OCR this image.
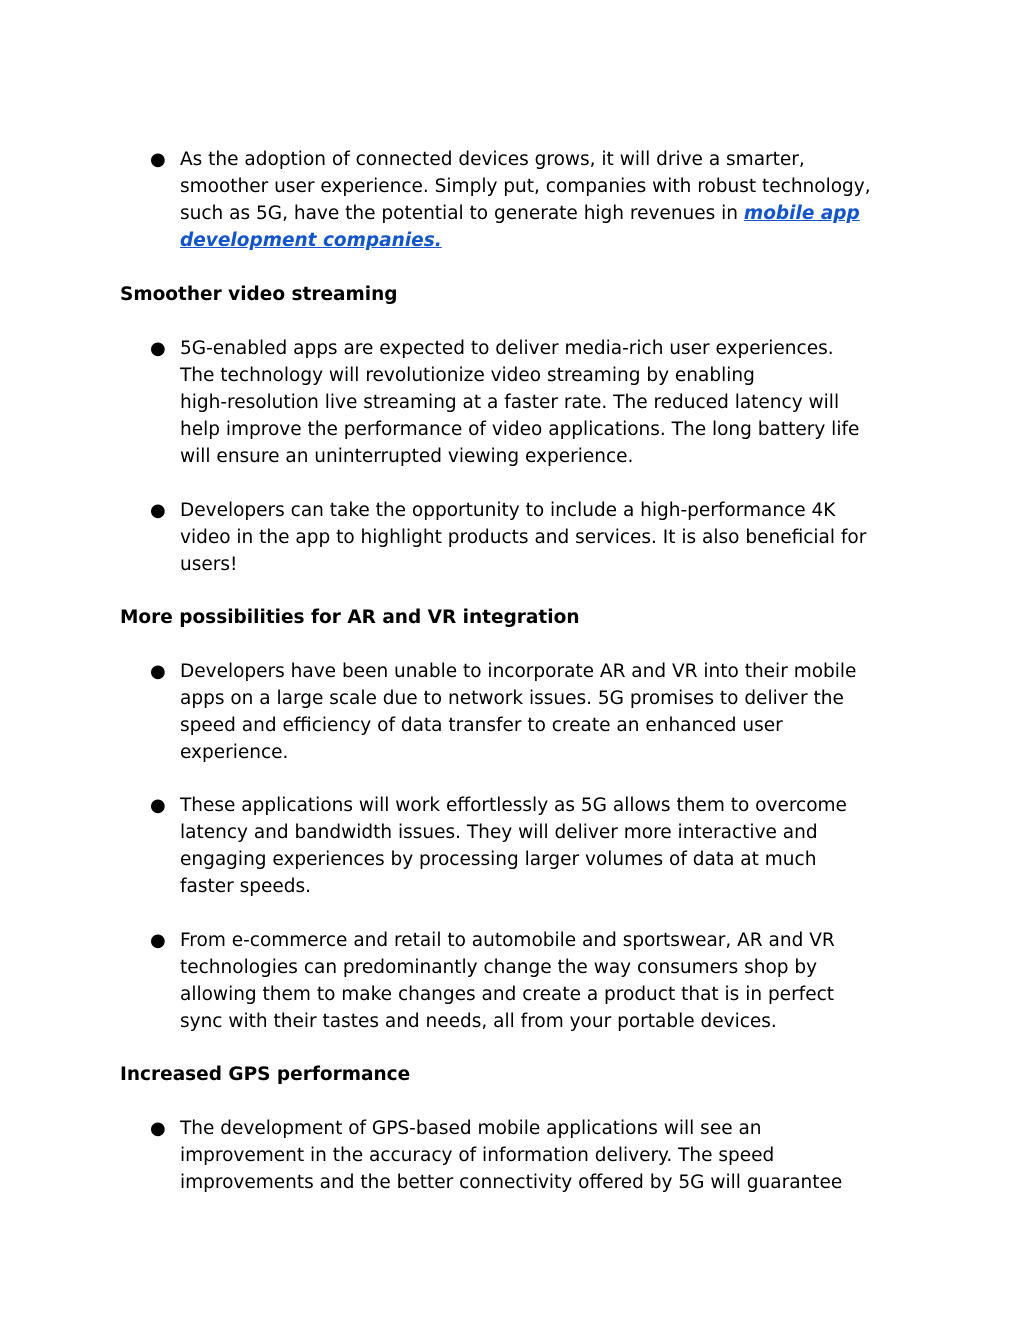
● As the adoption of connected devices grows, it will drive a smarter,
smoother user experience. Simply put, companies with robust technology,
such as 5G, have the potential to generate high revenues in mobile app
development companies.
Smoother video streaming
● 5G-enabled apps are expected to deliver media-rich user experiences.
The technology will revolutionize video streaming by enabling
high-resolution live streaming at a faster rate. The reduced latency will
help improve the performance of video applications. The long battery life
will ensure an uninterrupted viewing experience.
● Developers can take the opportunity to include a high-performance 4K
video in the app to highlight products and services. It is also beneficial for
users!
More possibilities for AR and VR integration
● Developers have been unable to incorporate AR and VR into their mobile
apps on a large scale due to network issues. 5G promises to deliver the
speed and efficiency of data transfer to create an enhanced user
experience.
● These applications will work effortlessly as 5G allows them to overcome
latency and bandwidth issues. They will deliver more interactive and
engaging experiences by processing larger volumes of data at much
faster speeds.
● From e-commerce and retail to automobile and sportswear, AR and VR
technologies can predominantly change the way consumers shop by
allowing them to make changes and create a product that is in perfect
sync with their tastes and needs, all from your portable devices.
Increased GPS performance
● The development of GPS-based mobile applications will see an
improvement in the accuracy of information delivery. The speed
improvements and the better connectivity offered by 5G will guarantee
